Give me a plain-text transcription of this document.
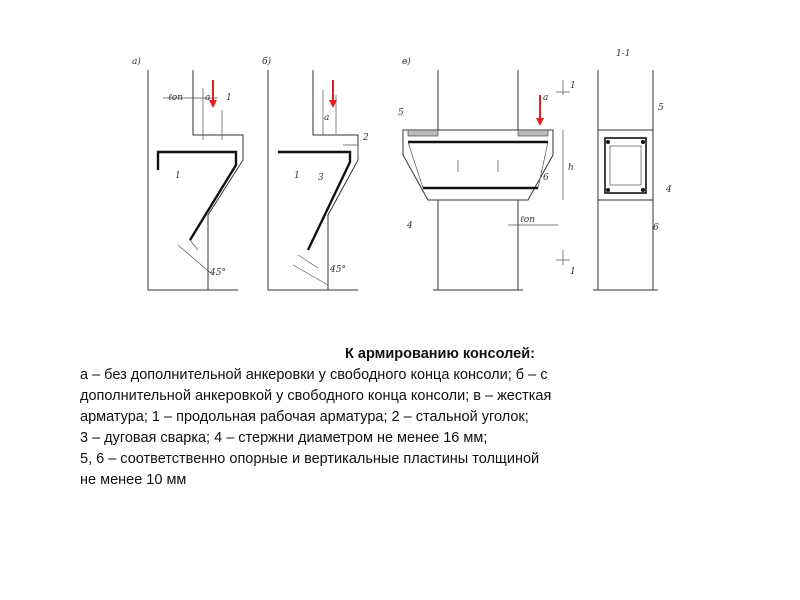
а)
ℓоп а 1
1
45°
б)
а
1
2
3
45°
в)
а
4
5
6
ℓоп
h
1
1
1-1
5
4
6
К армированию консолей:
а – без дополнительной анкеровки у свободного конца консоли; б – с
дополнительной анкеровкой у свободного конца консоли; в – жесткая
арматура; 1 – продольная рабочая арматура; 2 – стальной уголок;
3 – дуговая сварка; 4 – стержни диаметром не менее 16 мм;
5, 6 – соответственно опорные и вертикальные пластины толщиной
не менее 10 мм
